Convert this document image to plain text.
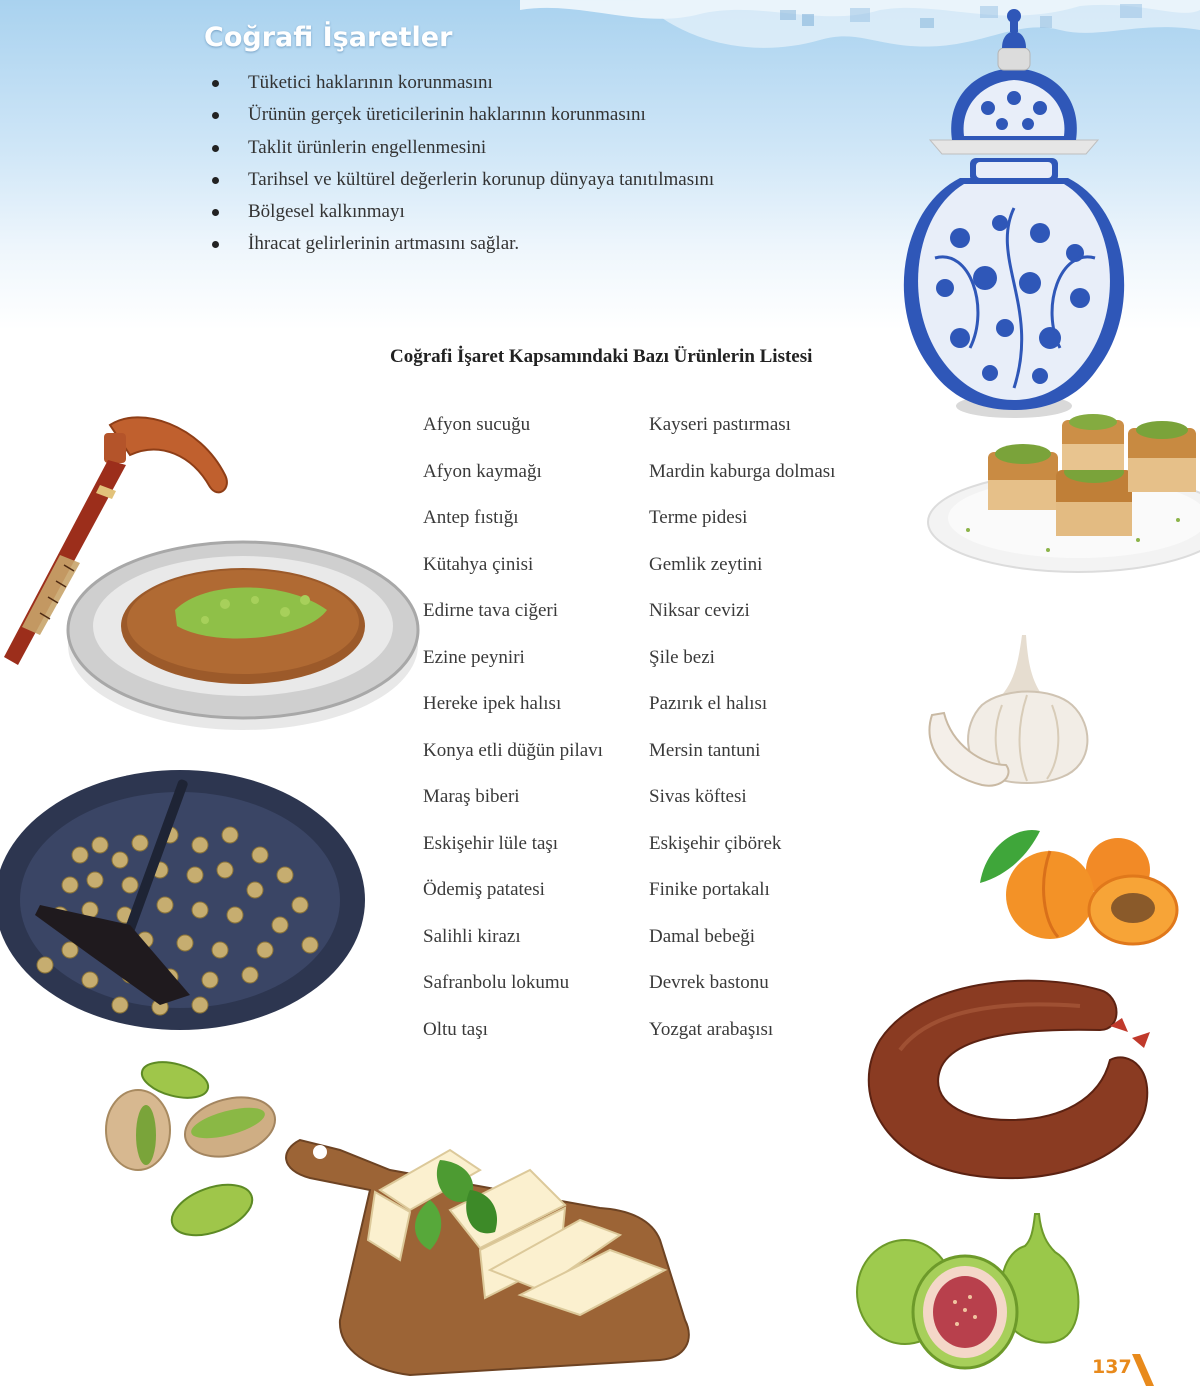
Coğrafi İşaretler
Tüketici haklarının korunmasını
Ürünün gerçek üreticilerinin haklarının korunmasını
Taklit ürünlerin engellenmesini
Tarihsel ve kültürel değerlerin korunup dünyaya tanıtılmasını
Bölgesel kalkınmayı
İhracat gelirlerinin artmasını sağlar.
Coğrafi İşaret Kapsamındaki Bazı Ürünlerin Listesi
Afyon sucuğu
Afyon kaymağı
Antep fıstığı
Kütahya çinisi
Edirne tava ciğeri
Ezine peyniri
Hereke ipek halısı
Konya etli düğün pilavı
Maraş biberi
Eskişehir lüle taşı
Ödemiş patatesi
Salihli kirazı
Safranbolu lokumu
Oltu taşı
Kayseri pastırması
Mardin kaburga dolması
Terme pidesi
Gemlik zeytini
Niksar cevizi
Şile bezi
Pazırık el halısı
Mersin tantuni
Sivas köftesi
Eskişehir çibörek
Finike portakalı
Damal bebeği
Devrek bastonu
Yozgat arabaşısı
137
